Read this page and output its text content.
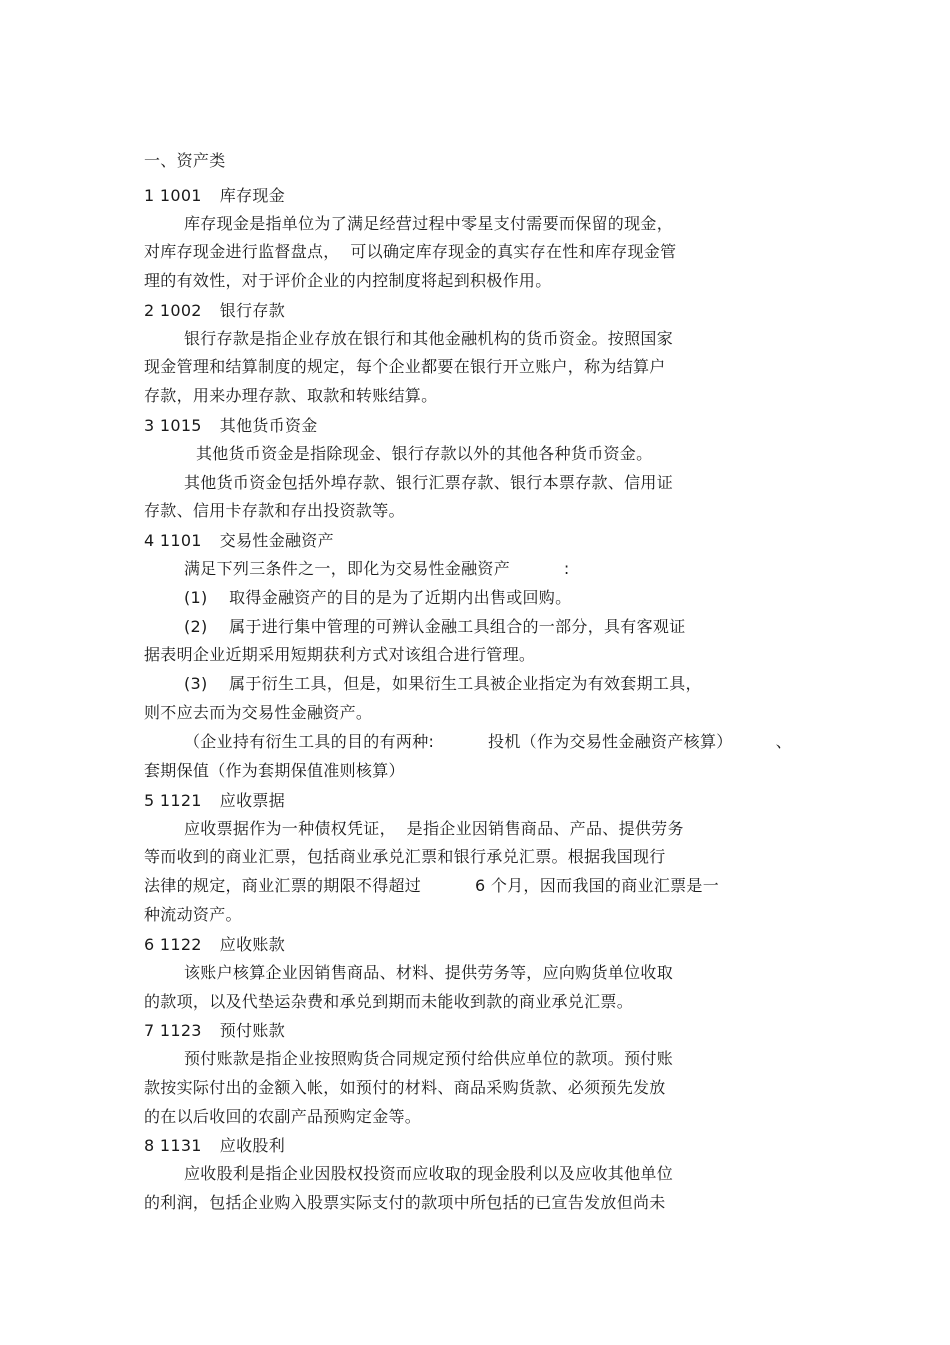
一、资产类
1 1001 库存现金
库存现金是指单位为了满足经营过程中零星支付需要而保留的现金，
对库存现金进行监督盘点，  可以确定库存现金的真实存在性和库存现金管
理的有效性，对于评价企业的内控制度将起到积极作用。
2 1002 银行存款
银行存款是指企业存放在银行和其他金融机构的货币资金。按照国家
现金管理和结算制度的规定，每个企业都要在银行开立账户，称为结算户
存款，用来办理存款、取款和转账结算。
3 1015 其他货币资金
其他货币资金是指除现金、银行存款以外的其他各种货币资金。
其他货币资金包括外埠存款、银行汇票存款、银行本票存款、信用证
存款、信用卡存款和存出投资款等。
4 1101 交易性金融资产
满足下列三条件之一，即化为交易性金融资产          :
(1)    取得金融资产的目的是为了近期内出售或回购。
(2)    属于进行集中管理的可辨认金融工具组合的一部分，具有客观证
据表明企业近期采用短期获利方式对该组合进行管理。
(3)    属于衍生工具，但是，如果衍生工具被企业指定为有效套期工具，
则不应去而为交易性金融资产。
（企业持有衍生工具的目的有两种:          投机（作为交易性金融资产核算）        、
套期保值（作为套期保值准则核算）
5 1121 应收票据
应收票据作为一种债权凭证，  是指企业因销售商品、产品、提供劳务
等而收到的商业汇票，包括商业承兑汇票和银行承兑汇票。根据我国现行
法律的规定，商业汇票的期限不得超过          6 个月，因而我国的商业汇票是一
种流动资产。
6 1122 应收账款
该账户核算企业因销售商品、材料、提供劳务等，应向购货单位收取
的款项，以及代垫运杂费和承兑到期而未能收到款的商业承兑汇票。
7 1123 预付账款
预付账款是指企业按照购货合同规定预付给供应单位的款项。预付账
款按实际付出的金额入帐，如预付的材料、商品采购货款、必须预先发放
的在以后收回的农副产品预购定金等。
8 1131 应收股利
应收股利是指企业因股权投资而应收取的现金股利以及应收其他单位
的利润，包括企业购入股票实际支付的款项中所包括的已宣告发放但尚未
